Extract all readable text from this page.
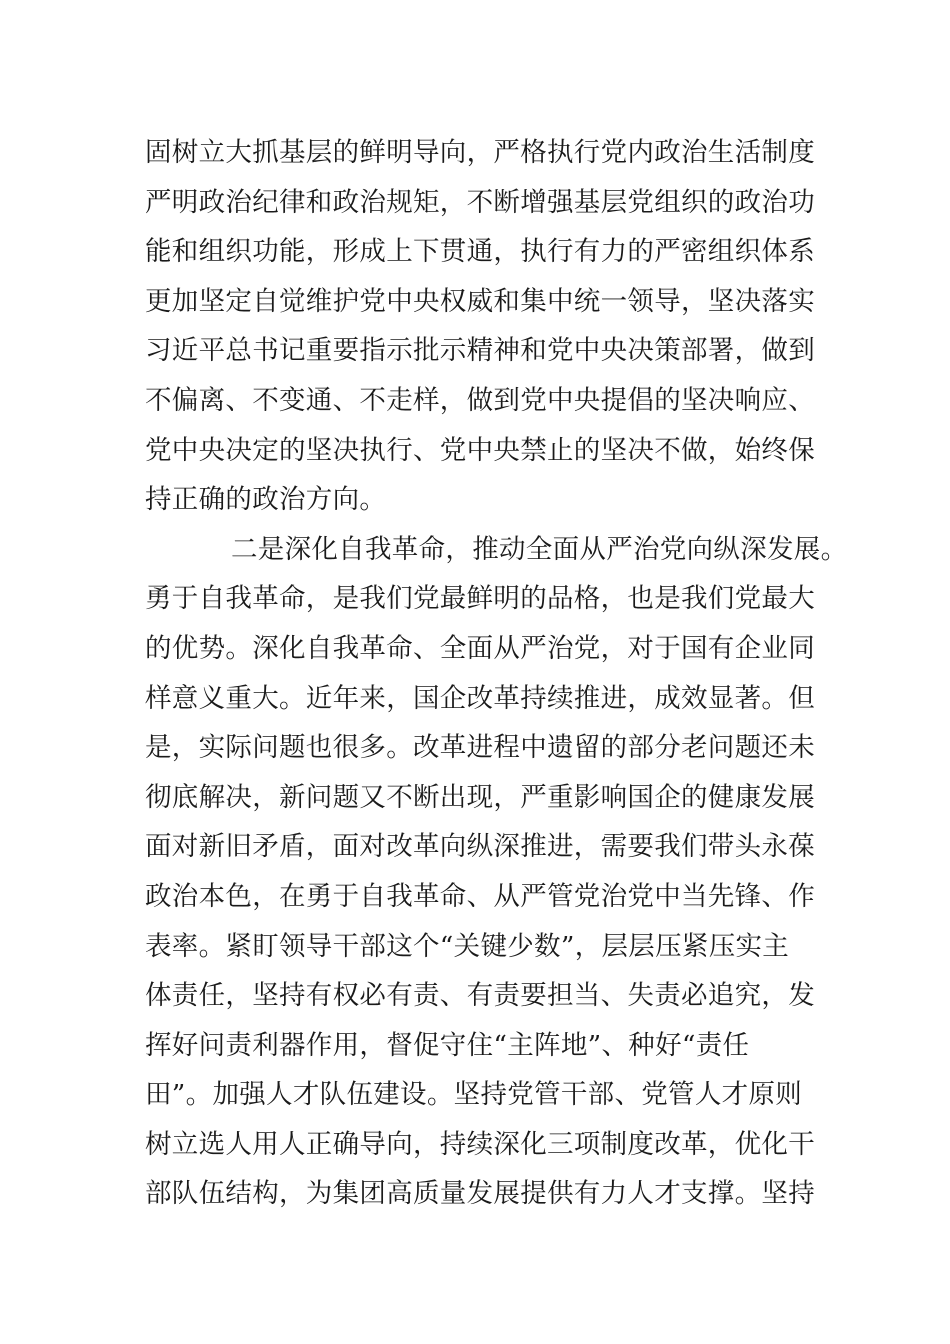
固树立大抓基层的鲜明导向，严格执行党内政治生活制度
严明政治纪律和政治规矩，不断增强基层党组织的政治功
能和组织功能，形成上下贯通，执行有力的严密组织体系
更加坚定自觉维护党中央权威和集中统一领导，坚决落实
习近平总书记重要指示批示精神和党中央决策部署，做到
不偏离、不变通、不走样，做到党中央提倡的坚决响应、
党中央决定的坚决执行、党中央禁止的坚决不做，始终保
持正确的政治方向。
二是深化自我革命，推动全面从严治党向纵深发展。
勇于自我革命，是我们党最鲜明的品格，也是我们党最大
的优势。深化自我革命、全面从严治党，对于国有企业同
样意义重大。近年来，国企改革持续推进，成效显著。但
是，实际问题也很多。改革进程中遗留的部分老问题还未
彻底解决，新问题又不断出现，严重影响国企的健康发展
面对新旧矛盾，面对改革向纵深推进，需要我们带头永葆
政治本色，在勇于自我革命、从严管党治党中当先锋、作
表率。紧盯领导干部这个“关键少数”，层层压紧压实主
体责任，坚持有权必有责、有责要担当、失责必追究，发
挥好问责利器作用，督促守住“主阵地”、种好“责任
田”。加强人才队伍建设。坚持党管干部、党管人才原则
树立选人用人正确导向，持续深化三项制度改革，优化干
部队伍结构，为集团高质量发展提供有力人才支撑。坚持
